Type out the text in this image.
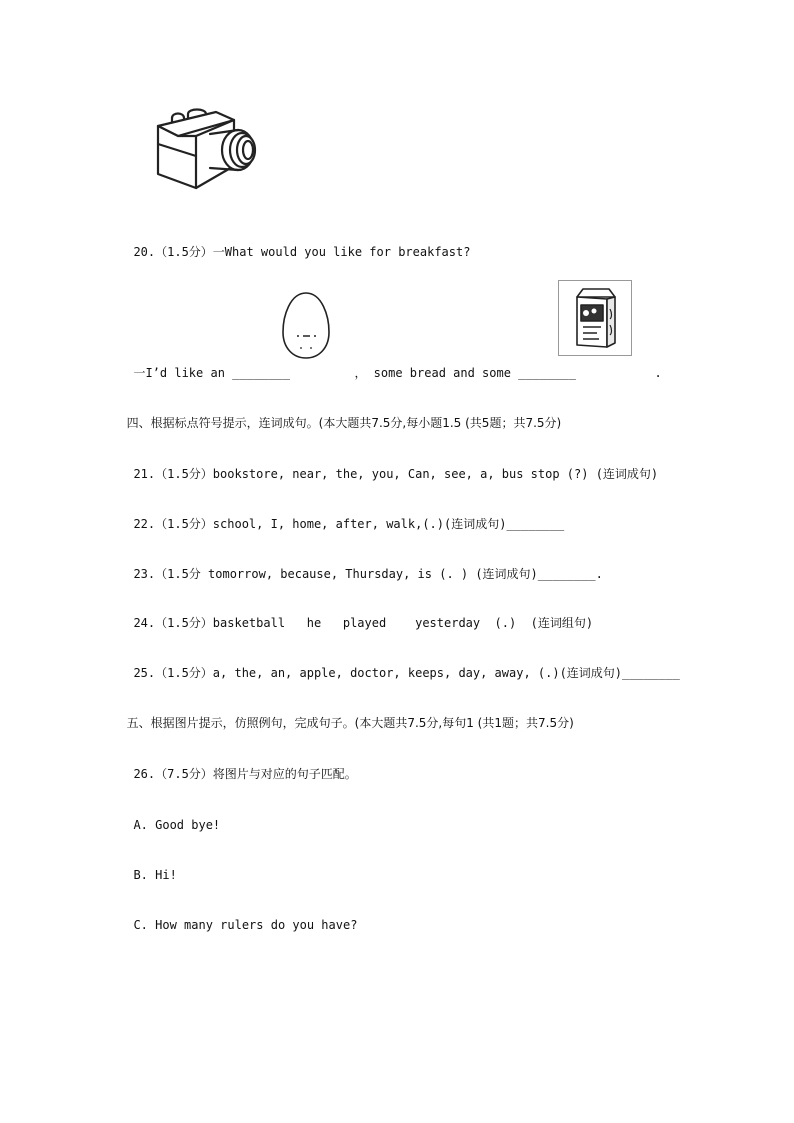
20.（1.5分）一What would you like for breakfast?

一I’d like an ________	， some bread and some ________	.

四、根据标点符号提示，连词成句。(本大题共7.5分,每小题1.5 (共5题；共7.5分)

21.（1.5分）bookstore, near, the, you, Can, see, a, bus stop (?) (连词成句)

22.（1.5分）school, I, home, after, walk,(.)(连词成句)________

23.（1.5分 tomorrow, because, Thursday, is (. ) (连词成句)________.

24.（1.5分）basketball   he   played    yesterday  (.)  (连词组句)

25.（1.5分）a, the, an, apple, doctor, keeps, day, away, (.)(连词成句)________

五、根据图片提示，仿照例句，完成句子。(本大题共7.5分,每句1 (共1题；共7.5分)

26.（7.5分）将图片与对应的句子匹配。

A. Good bye!

B. Hi!

C. How many rulers do you have?
